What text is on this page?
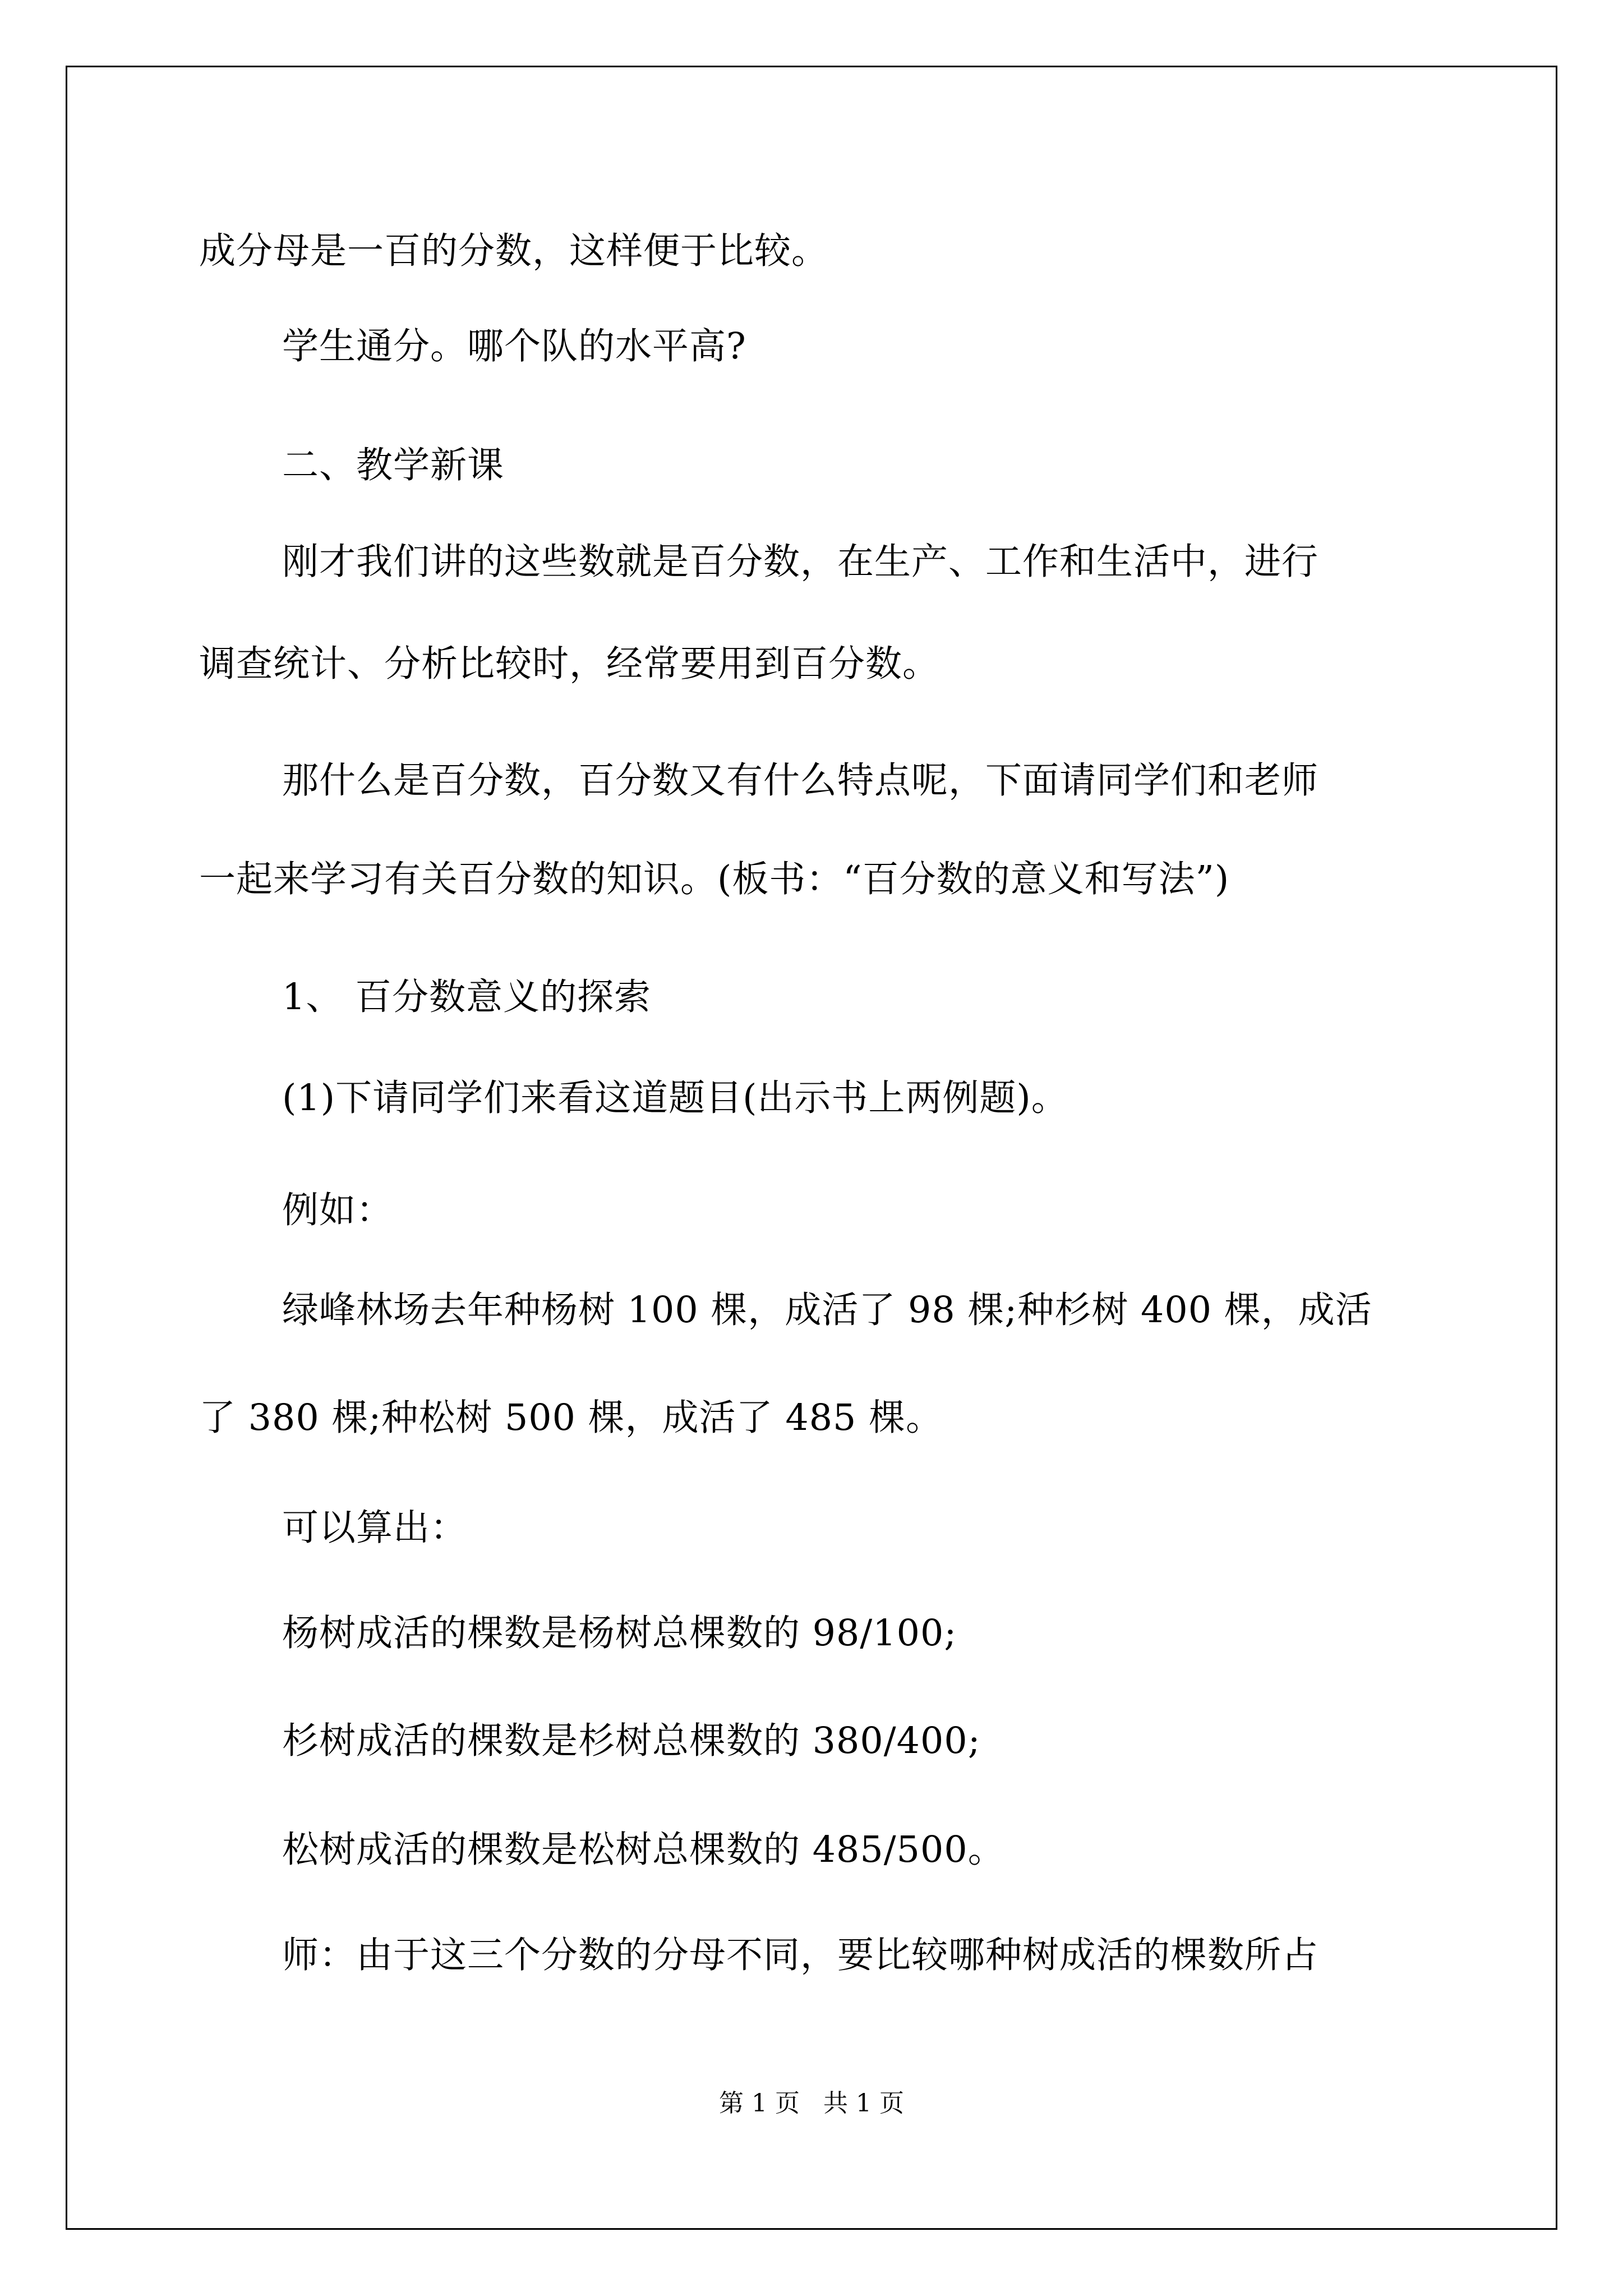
成分母是一百的分数，这样便于比较。
学生通分。哪个队的水平高?
二、教学新课
刚才我们讲的这些数就是百分数，在生产、工作和生活中，进行
调查统计、分析比较时，经常要用到百分数。
那什么是百分数，百分数又有什么特点呢，下面请同学们和老师
一起来学习有关百分数的知识。(板书：“百分数的意义和写法”)
1、 百分数意义的探索
(1)下请同学们来看这道题目(出示书上两例题)。
例如：
绿峰林场去年种杨树 100 棵，成活了 98 棵;种杉树 400 棵，成活
了 380 棵;种松树 500 棵，成活了 485 棵。
可以算出：
杨树成活的棵数是杨树总棵数的 98/100;
杉树成活的棵数是杉树总棵数的 380/400;
松树成活的棵数是松树总棵数的 485/500。
师：由于这三个分数的分母不同，要比较哪种树成活的棵数所占
第 1 页   共 1 页
